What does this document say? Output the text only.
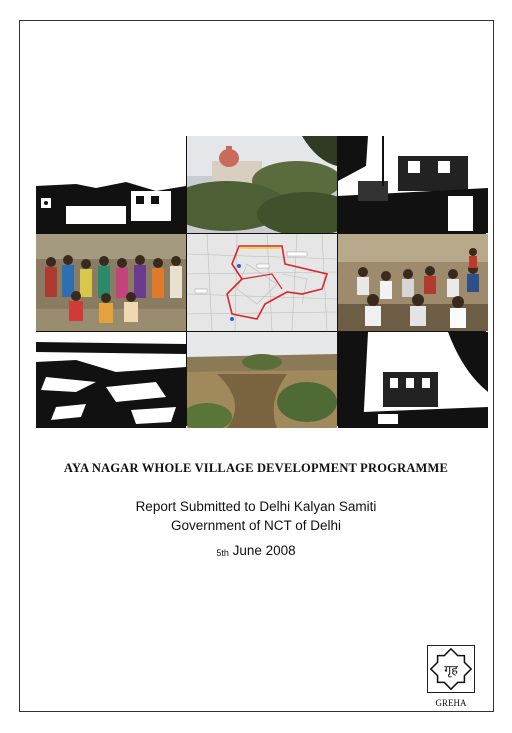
AYA NAGAR WHOLE VILLAGE DEVELOPMENT PROGRAMME
Report Submitted to Delhi Kalyan Samiti
Government of NCT of Delhi
5th June 2008
गृह
GREHA
